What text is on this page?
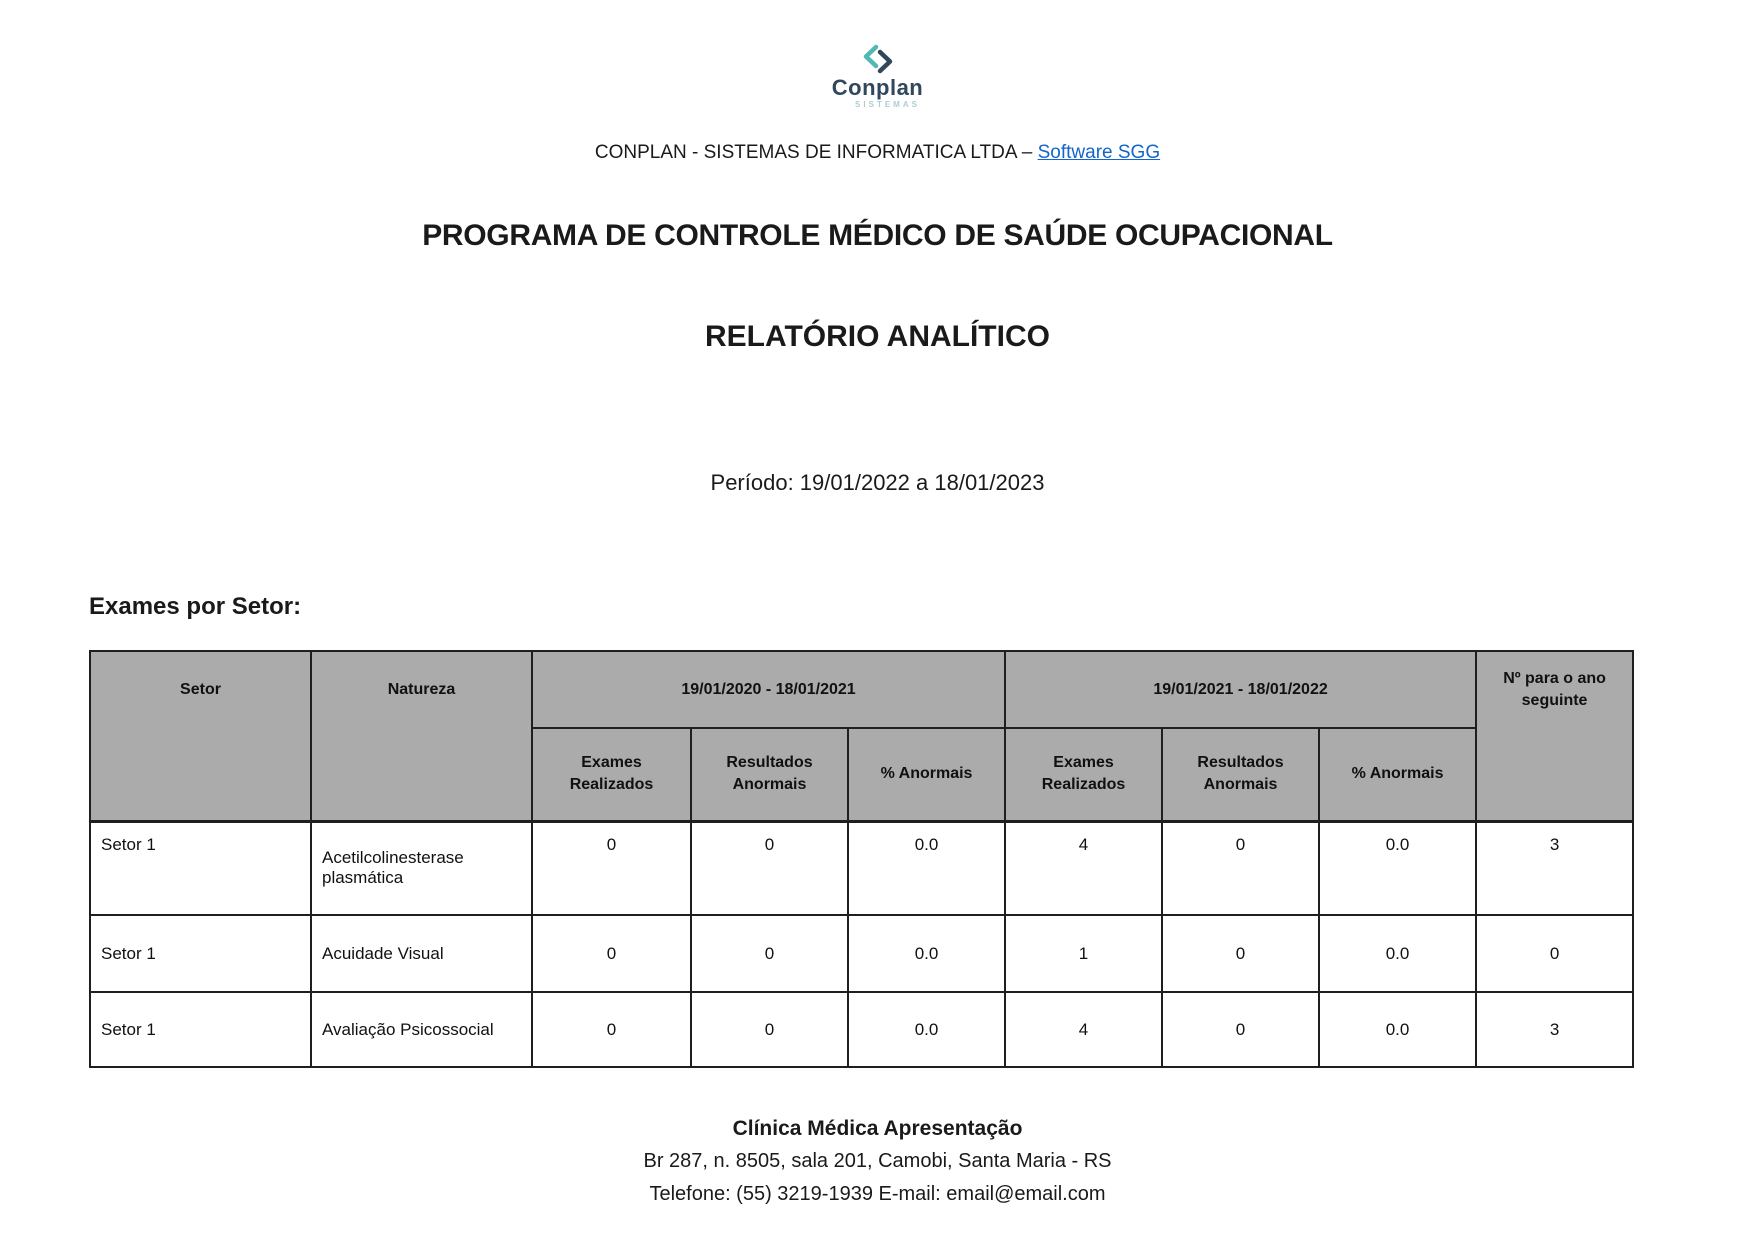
Conplan
SISTEMAS
CONPLAN - SISTEMAS DE INFORMATICA LTDA – Software SGG
PROGRAMA DE CONTROLE MÉDICO DE SAÚDE OCUPACIONAL
RELATÓRIO ANALÍTICO
Período: 19/01/2022 a 18/01/2023
Exames por Setor:
Setor	Natureza	19/01/2020 - 18/01/2021			19/01/2021 - 18/01/2022			Nº para o ano seguinte
		Exames Realizados	Resultados Anormais	% Anormais	Exames Realizados	Resultados Anormais	% Anormais	
Setor 1	Acetilcolinesterase plasmática	0	0	0.0	4	0	0.0	3
Setor 1	Acuidade Visual	0	0	0.0	1	0	0.0	0
Setor 1	Avaliação Psicossocial	0	0	0.0	4	0	0.0	3
Clínica Médica Apresentação
Br 287, n. 8505, sala 201, Camobi, Santa Maria - RS
Telefone: (55) 3219-1939 E-mail: email@email.com
